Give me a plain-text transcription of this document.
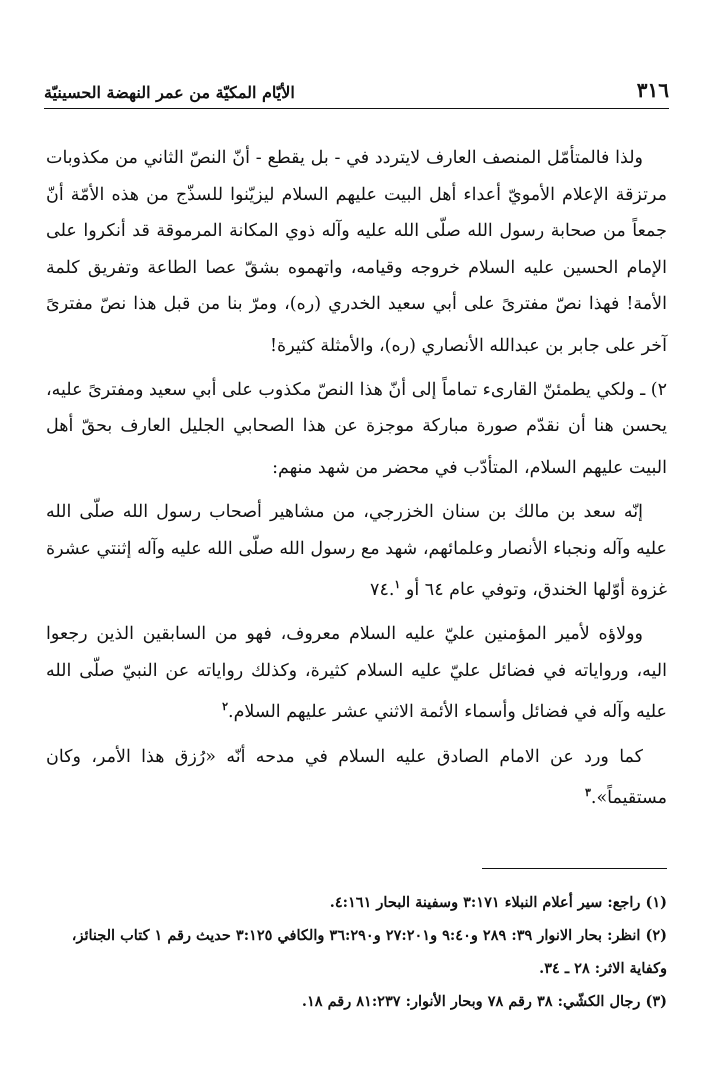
٣١٦
الأيّام المكيّة من عمر النهضة الحسينيّة

ولذا فالمتأمّل المنصف العارف لايتردد في - بل يقطع - أنّ النصّ الثاني من مكذوبات مرتزقة الإعلام الأمويّ أعداء أهل البيت عليهم السلام ليزيّنوا للسذّج من هذه الأمّة أنّ جمعاً من صحابة رسول الله صلّى الله عليه وآله ذوي المكانة المرموقة قد أنكروا على الإمام الحسين عليه السلام خروجه وقيامه، واتهموه بشقّ عصا الطاعة وتفريق كلمة الأمة! فهذا نصّ مفترىً على أبي سعيد الخدري (ره)، ومرّ بنا من قبل هذا نصّ مفترىً آخر على جابر بن عبدالله الأنصاري (ره)، والأمثلة كثيرة!

٢) ـ ولكي يطمئنّ القارىء تماماً إلى أنّ هذا النصّ مكذوب على أبي سعيد ومفترىً عليه، يحسن هنا أن نقدّم صورة مباركة موجزة عن هذا الصحابي الجليل العارف بحقّ أهل البيت عليهم السلام، المتأدّب في محضر من شهد منهم:

إنّه سعد بن مالك بن سنان الخزرجي، من مشاهير أصحاب رسول الله صلّى الله عليه وآله ونجباء الأنصار وعلمائهم، شهد مع رسول الله صلّى الله عليه وآله إثنتي عشرة غزوة أوّلها الخندق، وتوفي عام ٦٤ أو ٧٤.$^١$

وولاؤه لأمير المؤمنين عليّ عليه السلام معروف، فهو من السابقين الذين رجعوا اليه، ورواياته في فضائل عليّ عليه السلام كثيرة، وكذلك رواياته عن النبيّ صلّى الله عليه وآله في فضائل وأسماء الأئمة الاثني عشر عليهم السلام.$^٢$

كما ورد عن الامام الصادق عليه السلام في مدحه أنّه «رُزق هذا الأمر، وكان مستقيماً».$^٣$

(١) راجع: سير أعلام النبلاء ٣:١٧١ وسفينة البحار ٤:١٦١.

(٢) انظر: بحار الانوار ٣٩: ٢٨٩ و٩:٤٠ و٢٧:٢٠١ و٣٦:٢٩٠ والكافي ٣:١٢٥ حديث رقم ١ كتاب الجنائز، وكفاية الاثر: ٢٨ ـ ٣٤.

(٣) رجال الكشّي: ٣٨ رقم ٧٨ وبحار الأنوار: ٨١:٢٣٧ رقم ١٨.
